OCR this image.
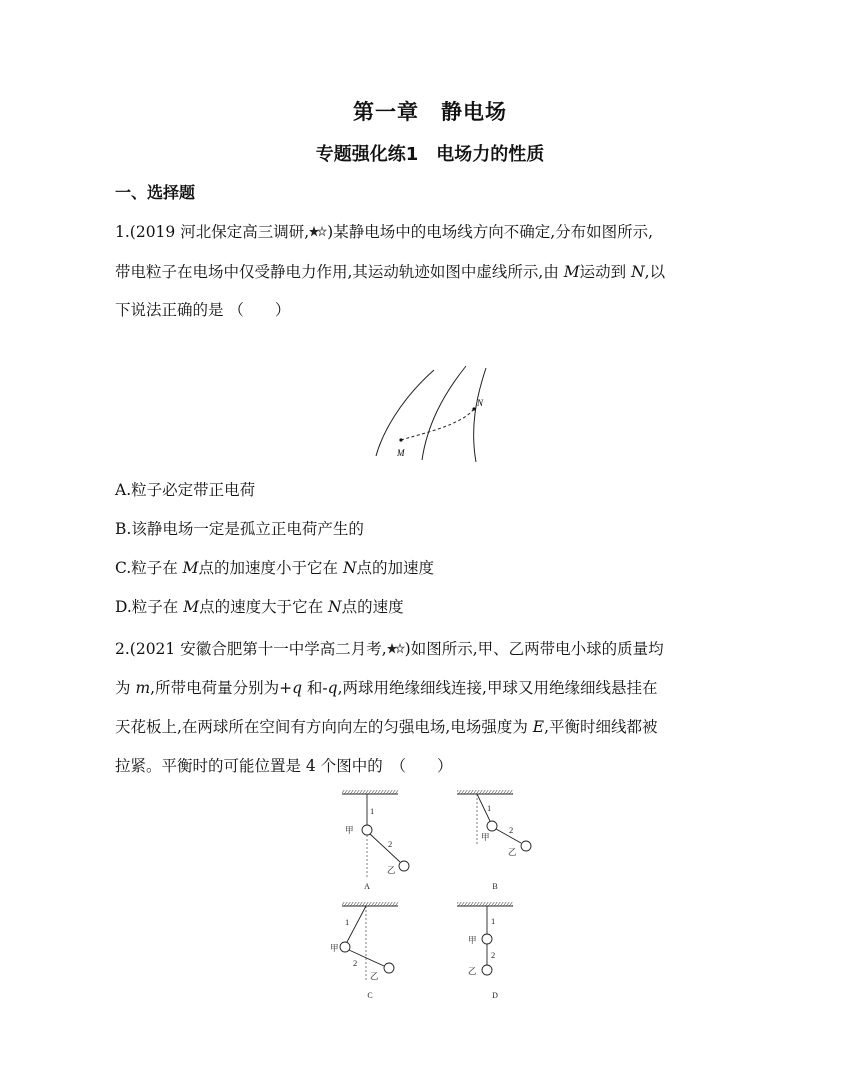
第一章　静电场
专题强化练1　电场力的性质
一、选择题
1.(2019 河北保定高三调研, )某静电场中的电场线方向不确定,分布如图所示,
带电粒子在电场中仅受静电力作用,其运动轨迹如图中虚线所示,由 M运动到 N,以
下说法正确的是 （　　）
M
N
A.粒子必定带正电荷
B.该静电场一定是孤立正电荷产生的
C.粒子在 M点的加速度小于它在 N点的加速度
D.粒子在 M点的速度大于它在 N点的速度
2.(2021 安徽合肥第十一中学高二月考, )如图所示,甲、乙两带电小球的质量均
为 m,所带电荷量分别为+q 和-q,两球用绝缘细线连接,甲球又用绝缘细线悬挂在
天花板上,在两球所在空间有方向向左的匀强电场,电场强度为 E,平衡时细线都被
拉紧。平衡时的可能位置是 4 个图中的　（　　）
1
2
甲
乙
A
1
2
甲
乙
B
1
2
甲
乙
C
1
2
甲
乙
D
